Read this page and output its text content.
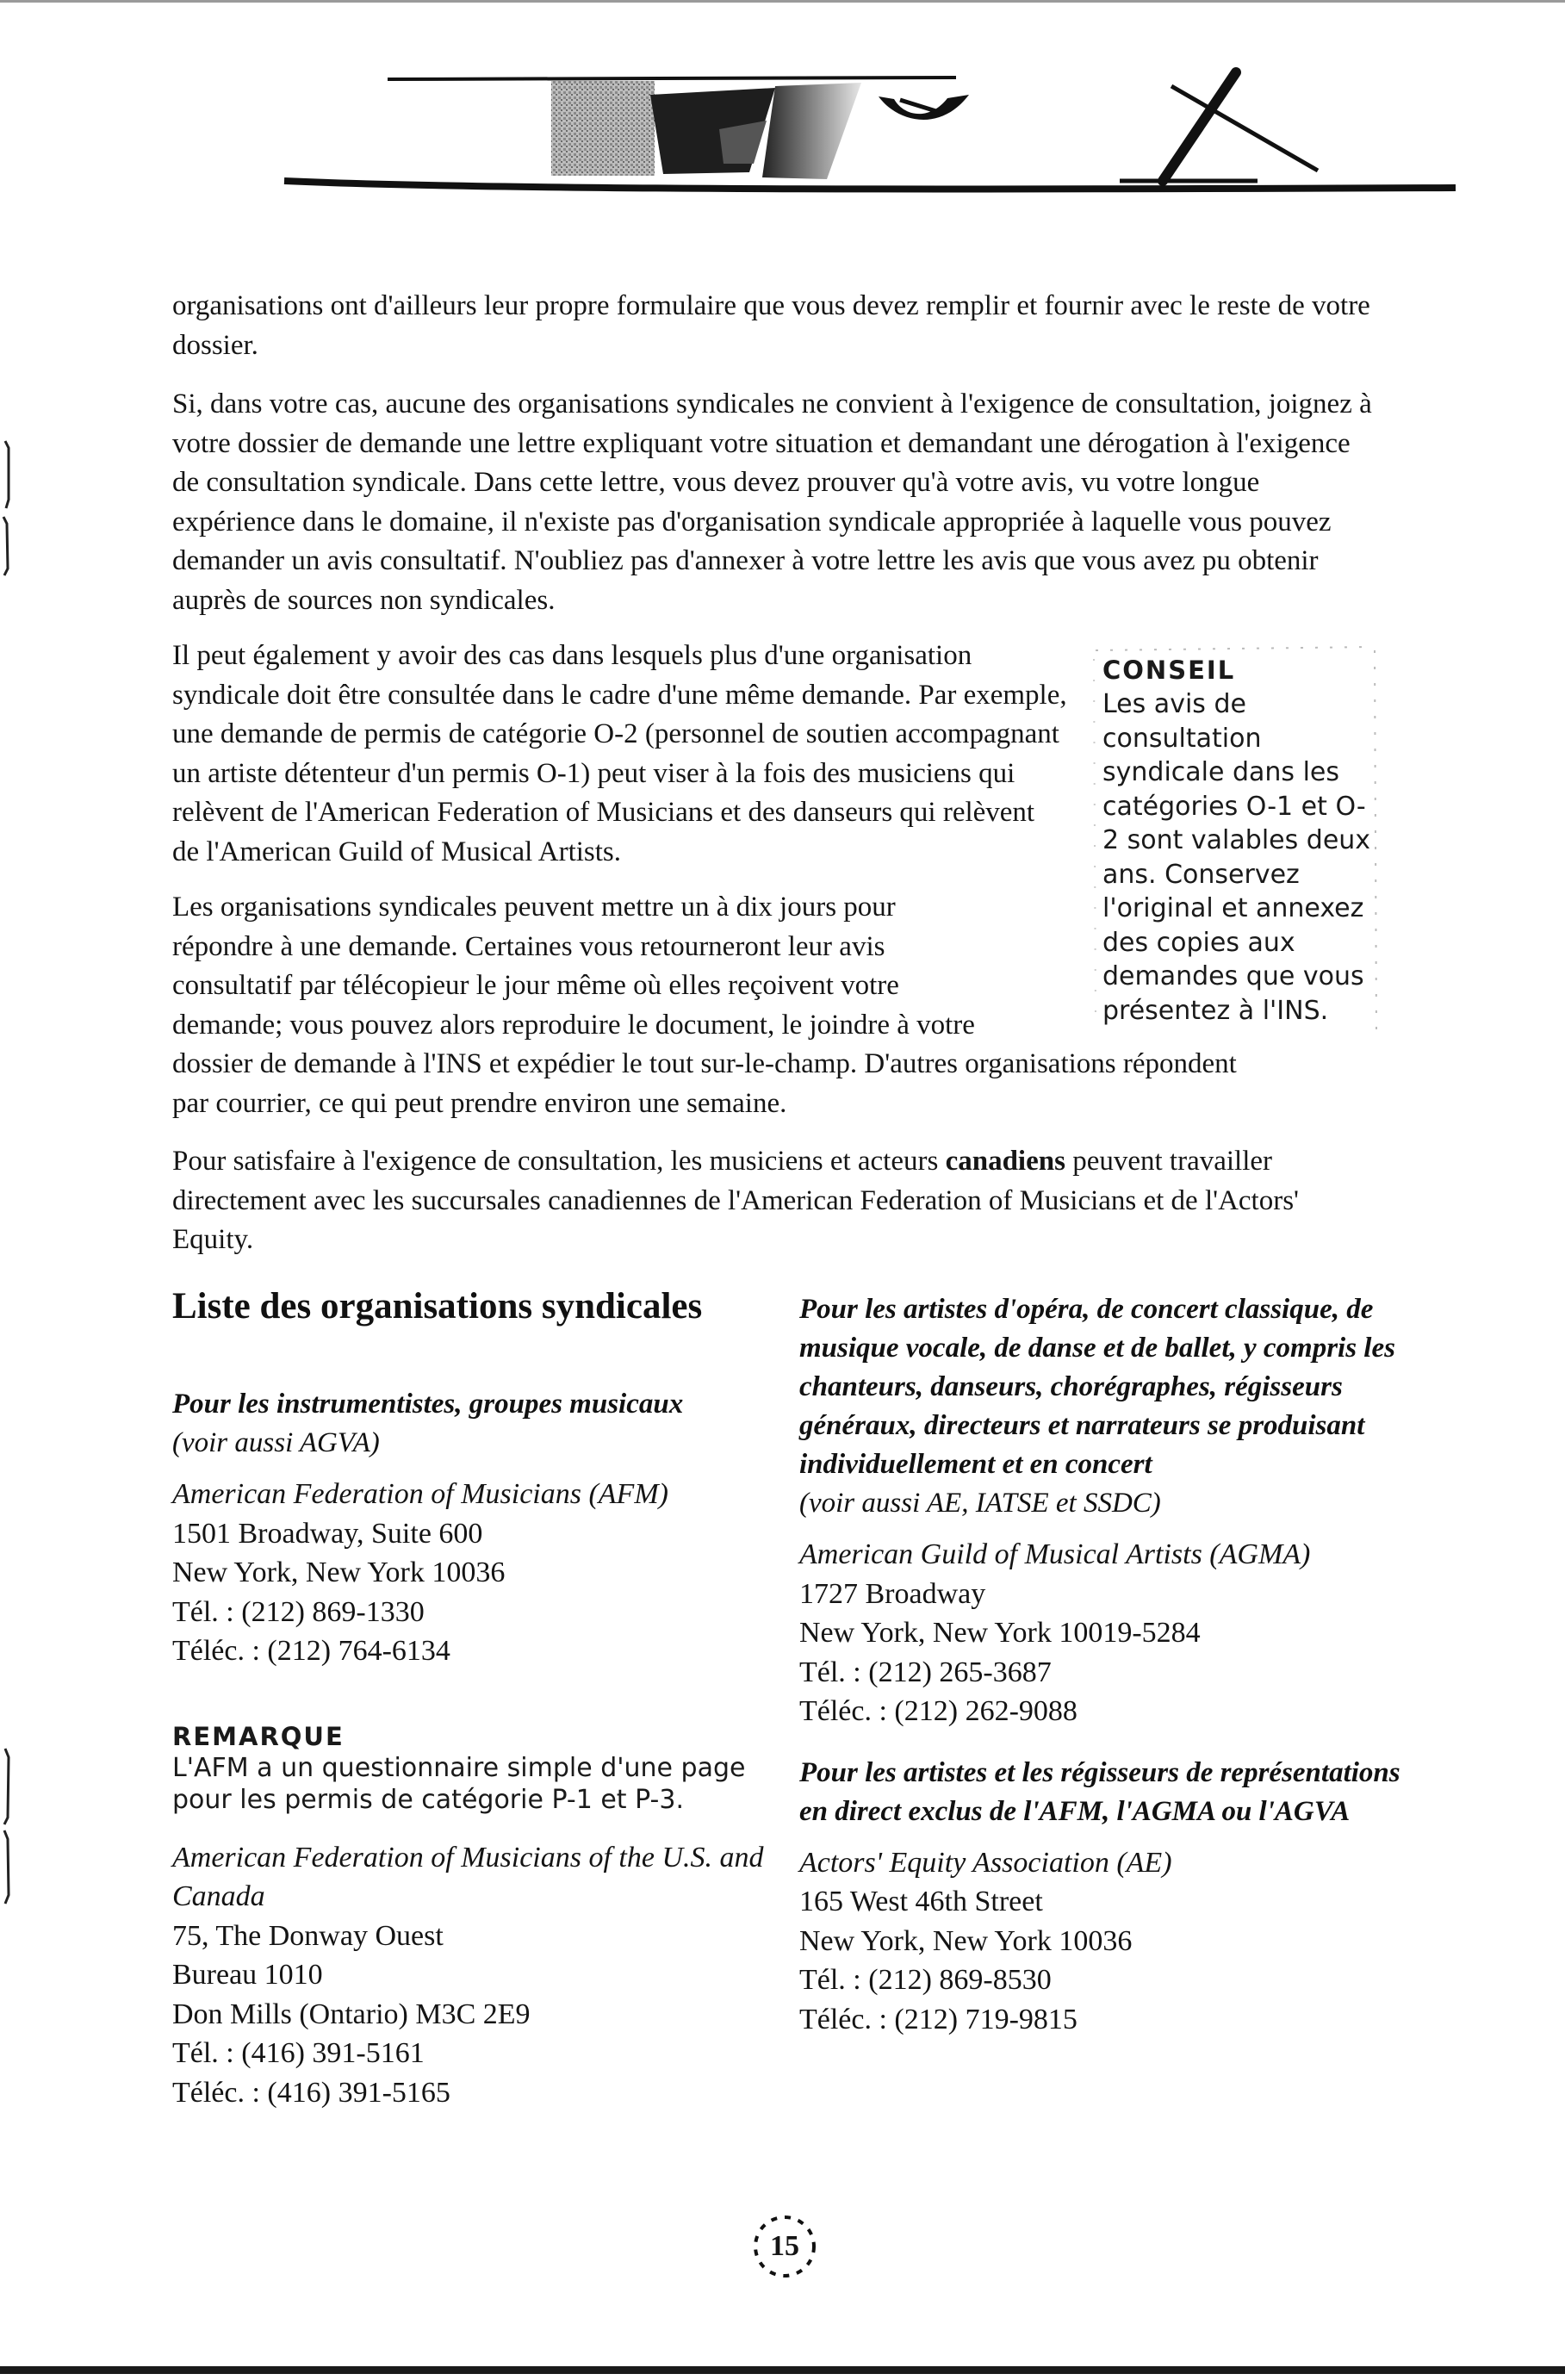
organisations ont d'ailleurs leur propre formulaire que vous devez remplir et fournir avec le reste de votre dossier.

Si, dans votre cas, aucune des organisations syndicales ne convient à l'exigence de consultation, joignez à votre dossier de demande une lettre expliquant votre situation et demandant une dérogation à l'exigence de consultation syndicale. Dans cette lettre, vous devez prouver qu'à votre avis, vu votre longue expérience dans le domaine, il n'existe pas d'organisation syndicale appropriée à laquelle vous pouvez demander un avis consultatif. N'oubliez pas d'annexer à votre lettre les avis que vous avez pu obtenir auprès de sources non syndicales.

Il peut également y avoir des cas dans lesquels plus d'une organisation syndicale doit être consultée dans le cadre d'une même demande. Par exemple, une demande de permis de catégorie O-2 (personnel de soutien accompagnant un artiste détenteur d'un permis O-1) peut viser à la fois des musiciens qui relèvent de l'American Federation of Musicians et des danseurs qui relèvent de l'American Guild of Musical Artists.

Les organisations syndicales peuvent mettre un à dix jours pour
répondre à une demande. Certaines vous retourneront leur avis
consultatif par télécopieur le jour même où elles reçoivent votre
demande; vous pouvez alors reproduire le document, le joindre à votre
dossier de demande à l'INS et expédier le tout sur-le-champ. D'autres organisations répondent
par courrier, ce qui peut prendre environ une semaine.

Pour satisfaire à l'exigence de consultation, les musiciens et acteurs canadiens peuvent travailler directement avec les succursales canadiennes de l'American Federation of Musicians et de l'Actors' Equity.

CONSEIL

Les avis de consultation syndicale dans les catégories O-1 et O-2 sont valables deux ans. Conservez l'original et annexez des copies aux demandes que vous présentez à l'INS.

Liste des organisations syndicales

Pour les instrumentistes, groupes musicaux
(voir aussi AGVA)

American Federation of Musicians (AFM)
1501 Broadway, Suite 600
New York, New York 10036
Tél. : (212) 869-1330
Téléc. : (212) 764-6134
REMARQUE

L'AFM a un questionnaire simple d'une page pour les permis de catégorie P-1 et P-3.

American Federation of Musicians of the U.S. and Canada
75, The Donway Ouest
Bureau 1010
Don Mills (Ontario) M3C 2E9
Tél. : (416) 391-5161
Téléc. : (416) 391-5165

Pour les artistes d'opéra, de concert classique, de musique vocale, de danse et de ballet, y compris les chanteurs, danseurs, chorégraphes, régisseurs généraux, directeurs et narrateurs se produisant individuellement et en concert
(voir aussi AE, IATSE et SSDC)

American Guild of Musical Artists (AGMA)
1727 Broadway
New York, New York 10019-5284
Tél. : (212) 265-3687
Téléc. : (212) 262-9088

Pour les artistes et les régisseurs de représentations en direct exclus de l'AFM, l'AGMA ou l'AGVA

Actors' Equity Association (AE)
165 West 46th Street
New York, New York 10036
Tél. : (212) 869-8530
Téléc. : (212) 719-9815
15
